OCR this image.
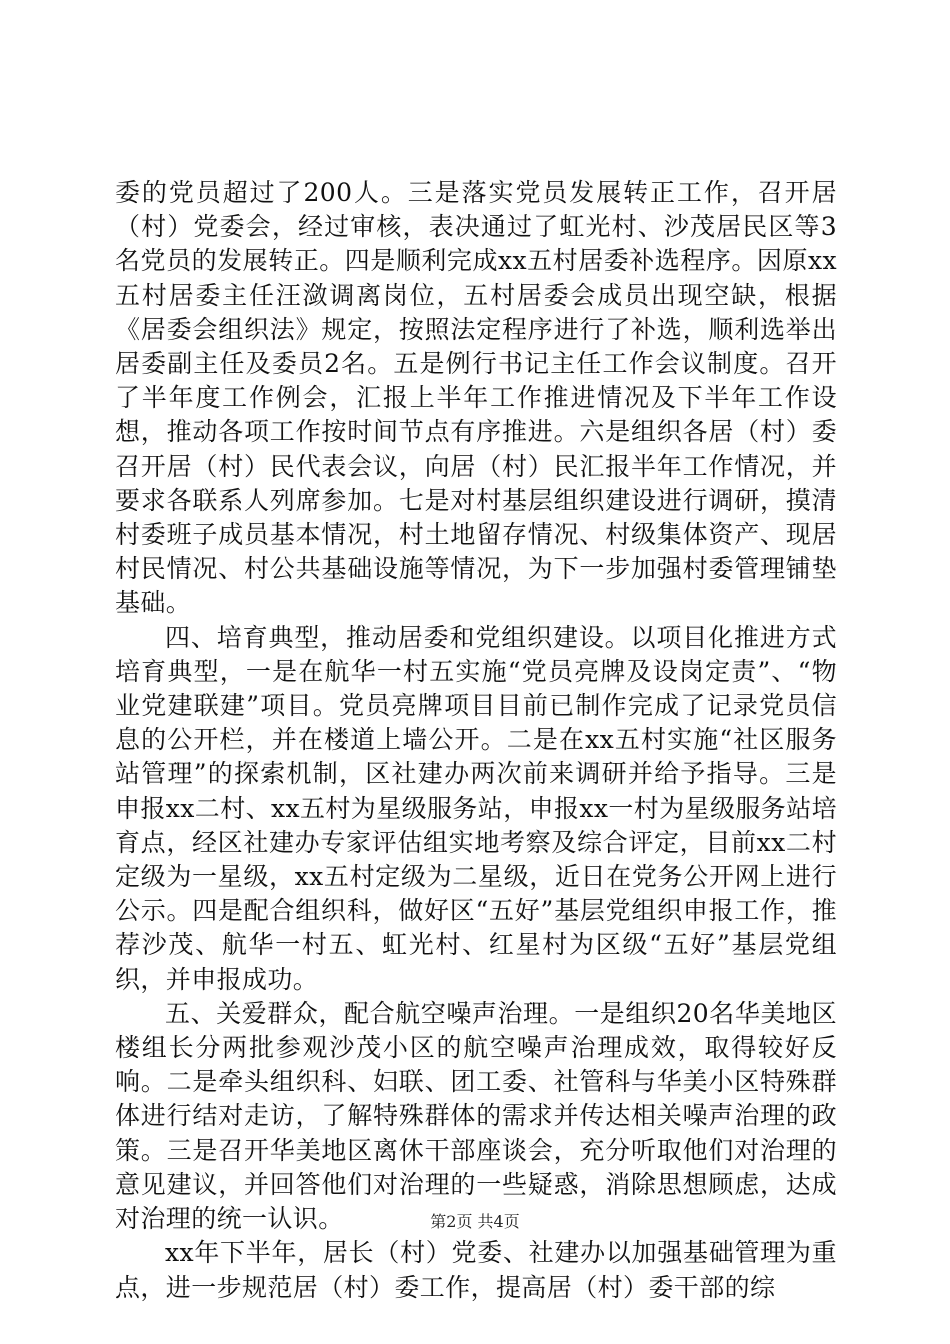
委的党员超过了200人。三是落实党员发展转正工作，召开居（村）党委会，经过审核，表决通过了虹光村、沙茂居民区等3名党员的发展转正。四是顺利完成xx五村居委补选程序。因原xx五村居委主任汪潋调离岗位，五村居委会成员出现空缺，根据《居委会组织法》规定，按照法定程序进行了补选，顺利选举出居委副主任及委员2名。五是例行书记主任工作会议制度。召开了半年度工作例会，汇报上半年工作推进情况及下半年工作设想，推动各项工作按时间节点有序推进。六是组织各居（村）委召开居（村）民代表会议，向居（村）民汇报半年工作情况，并要求各联系人列席参加。七是对村基层组织建设进行调研，摸清村委班子成员基本情况，村土地留存情况、村级集体资产、现居村民情况、村公共基础设施等情况，为下一步加强村委管理铺垫基础。

四、培育典型，推动居委和党组织建设。以项目化推进方式培育典型，一是在航华一村五实施“党员亮牌及设岗定责”、“物业党建联建”项目。党员亮牌项目目前已制作完成了记录党员信息的公开栏，并在楼道上墙公开。二是在xx五村实施“社区服务站管理”的探索机制，区社建办两次前来调研并给予指导。三是申报xx二村、xx五村为星级服务站，申报xx一村为星级服务站培育点，经区社建办专家评估组实地考察及综合评定，目前xx二村定级为一星级，xx五村定级为二星级，近日在党务公开网上进行公示。四是配合组织科，做好区“五好”基层党组织申报工作，推荐沙茂、航华一村五、虹光村、红星村为区级“五好”基层党组织，并申报成功。

五、关爱群众，配合航空噪声治理。一是组织20名华美地区楼组长分两批参观沙茂小区的航空噪声治理成效，取得较好反响。二是牵头组织科、妇联、团工委、社管科与华美小区特殊群体进行结对走访，了解特殊群体的需求并传达相关噪声治理的政策。三是召开华美地区离休干部座谈会，充分听取他们对治理的意见建议，并回答他们对治理的一些疑惑，消除思想顾虑，达成对治理的统一认识。

xx年下半年，居长（村）党委、社建办以加强基础管理为重点，进一步规范居（村）委工作，提高居（村）委干部的综

第2页 共4页
